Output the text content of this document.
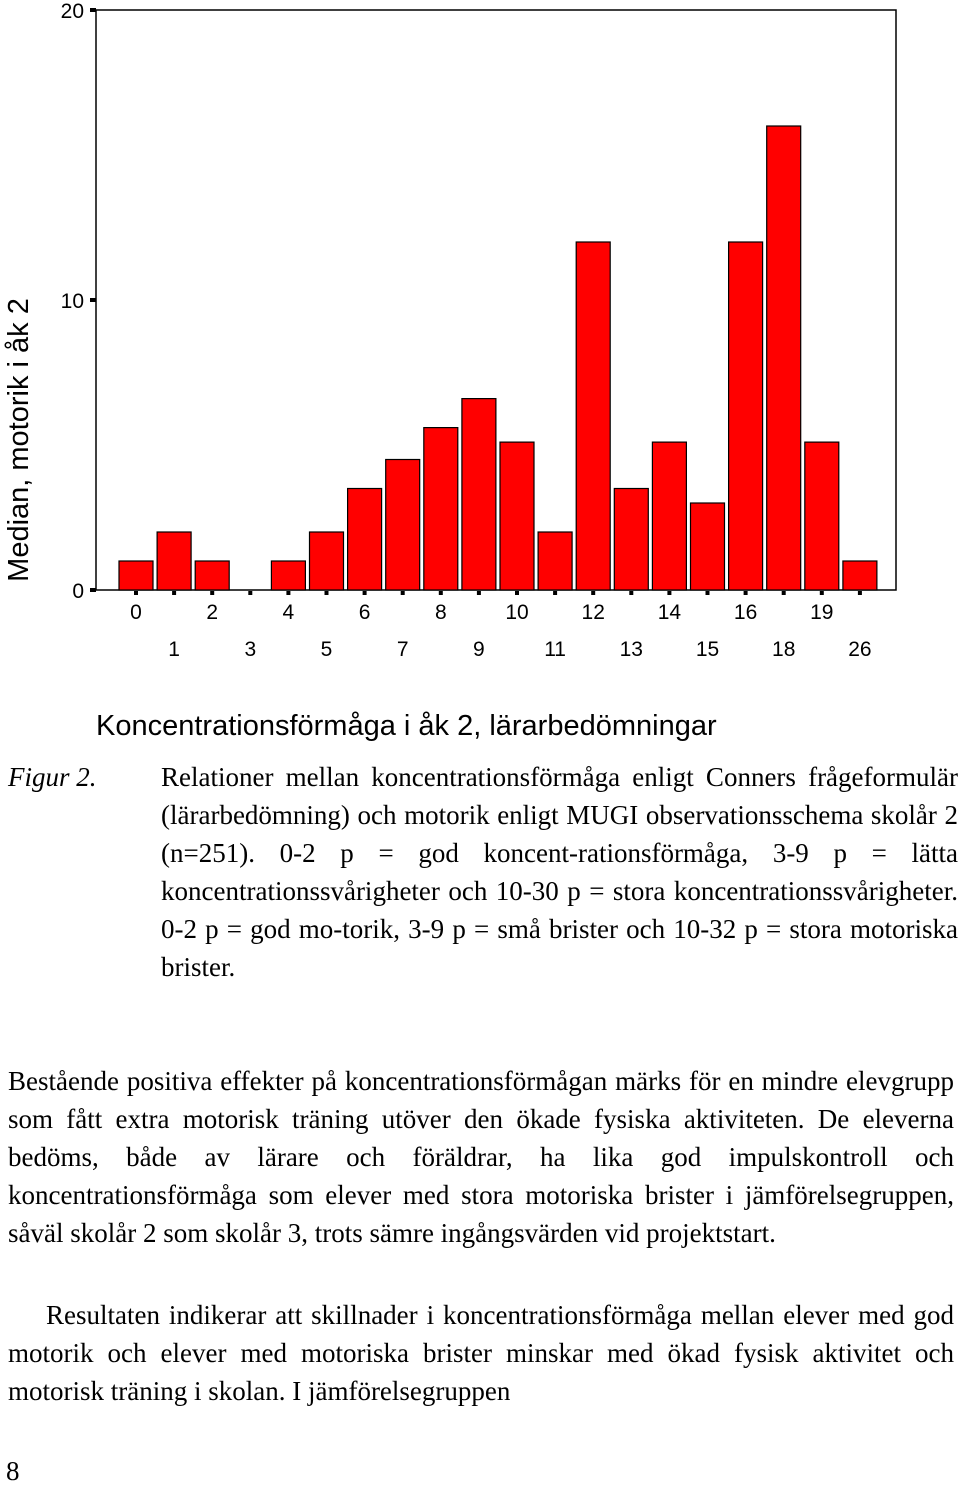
0
10
20
0
1
2
3
4
5
6
7
8
9
10
11
12
13
14
15
16
18
19
26
Median, motorik i åk 2
Koncentrationsförmåga i åk 2, lärarbedömningar
Figur 2. Relationer mellan koncentrationsförmåga enligt Conners frågeformulär (lärarbedömning) och motorik enligt MUGI observationsschema skolår 2 (n=251). 0-2 p = god koncent-rationsförmåga, 3-9 p = lätta koncentrationssvårigheter och 10-30 p = stora koncentrationssvårigheter. 0-2 p = god mo-torik, 3-9 p = små brister och 10-32 p = stora motoriska brister.

Bestående positiva effekter på koncentrationsförmågan märks för en mindre elevgrupp som fått extra motorisk träning utöver den ökade fysiska aktiviteten. De eleverna bedöms, både av lärare och föräldrar, ha lika god impulskontroll och koncentrationsförmåga som elever med stora motoriska brister i jämförelsegruppen, såväl skolår 2 som skolår 3, trots sämre ingångsvärden vid projektstart.

Resultaten indikerar att skillnader i koncentrationsförmåga mellan elever med god motorik och elever med motoriska brister minskar med ökad fysisk aktivitet och motorisk träning i skolan. I jämförelsegruppen

8
